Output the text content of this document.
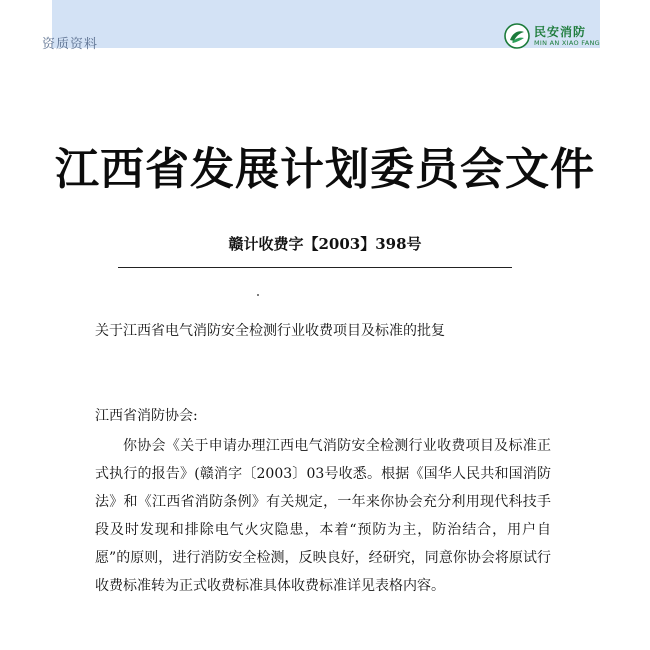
资质资料
民安消防
MIN AN XIAO FANG
江西省发展计划委员会文件
赣计收费字【2003】398号
关于江西省电气消防安全检测行业收费项目及标准的批复
江西省消防协会:

你协会《关于申请办理江西电气消防安全检测行业收费项目及标准正式执行的报告》(赣消字〔2003〕03号收悉。根据《国华人民共和国消防法》和《江西省消防条例》有关规定，一年来你协会充分利用现代科技手段及时发现和排除电气火灾隐患，本着“预防为主，防治结合，用户自愿”的原则，进行消防安全检测，反映良好，经研究，同意你协会将原试行收费标准转为正式收费标准具体收费标准详见表格内容。
